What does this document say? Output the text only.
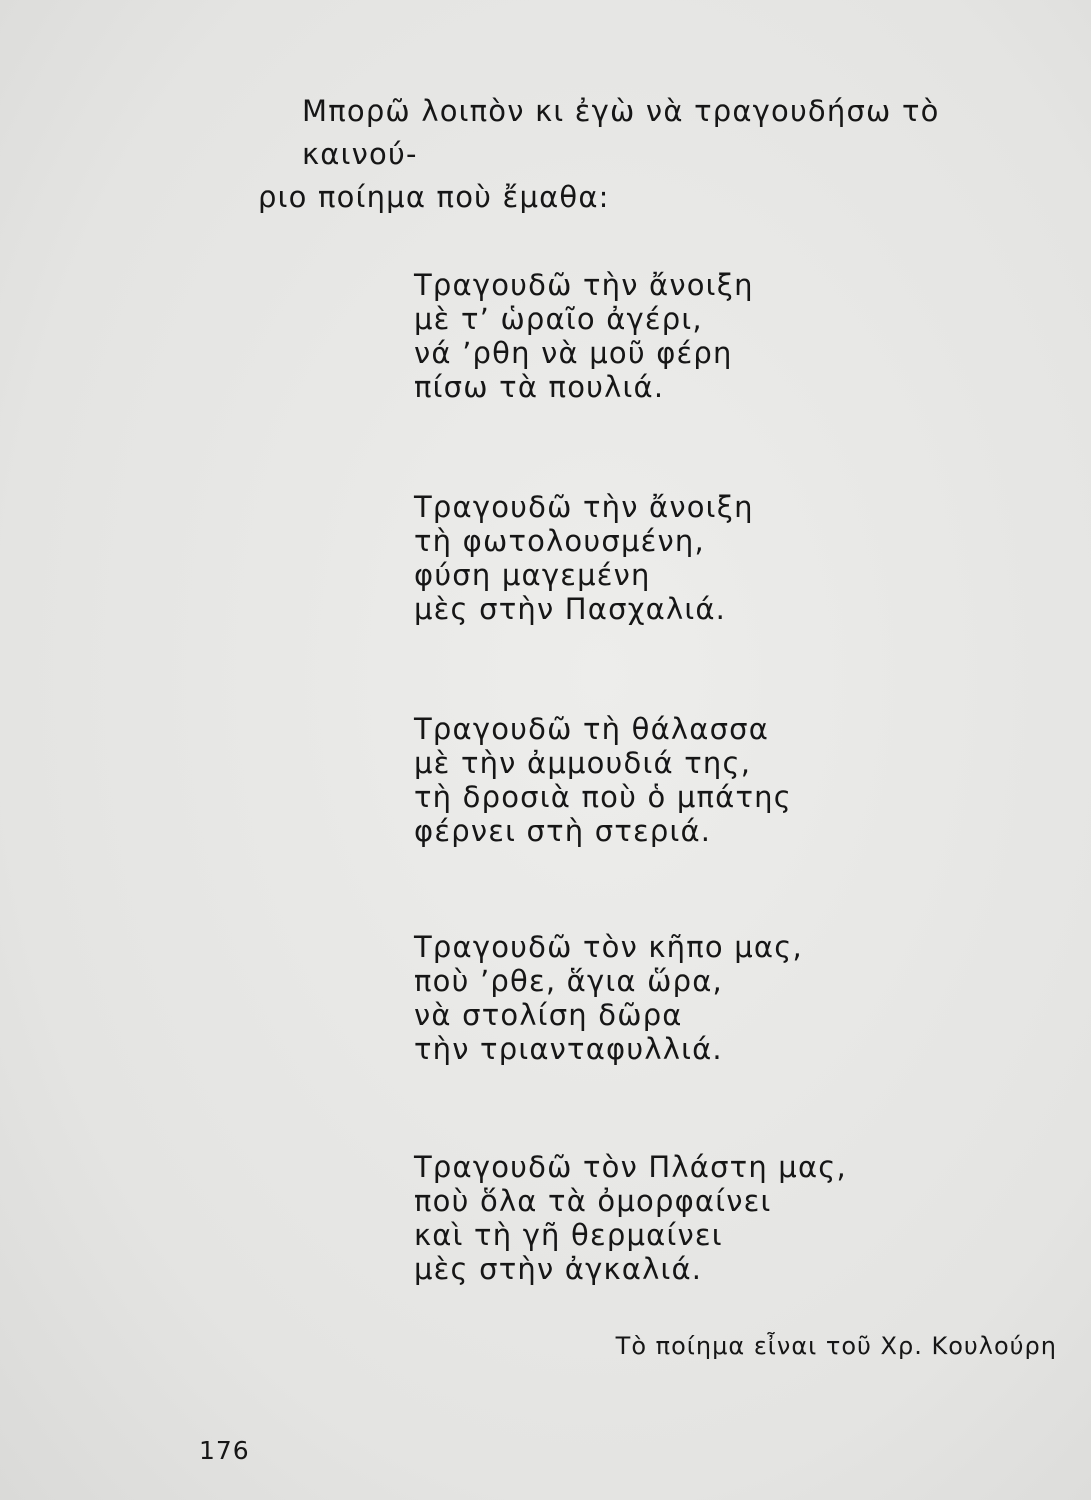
Μπορῶ λοιπὸν κι ἐγὼ νὰ τραγουδήσω τὸ καινού-
ριο ποίημα ποὺ ἔμαθα:
Τραγουδῶ τὴν ἄνοιξη
μὲ τ’ ὡραῖο ἀγέρι,
νά ’ρθη νὰ μοῦ φέρη
πίσω τὰ πουλιά.
Τραγουδῶ τὴν ἄνοιξη
τὴ φωτολουσμένη,
φύση μαγεμένη
μὲς στὴν Πασχαλιά.
Τραγουδῶ τὴ θάλασσα
μὲ τὴν ἀμμουδιά της,
τὴ δροσιὰ ποὺ ὁ μπάτης
φέρνει στὴ στεριά.
Τραγουδῶ τὸν κῆπο μας,
ποὺ ’ρθε, ἅγια ὥρα,
νὰ στολίση δῶρα
τὴν τριανταφυλλιά.
Τραγουδῶ τὸν Πλάστη μας,
ποὺ ὅλα τὰ ὀμορφαίνει
καὶ τὴ γῆ θερμαίνει
μὲς στὴν ἀγκαλιά.
Τὸ ποίημα εἶναι τοῦ Χρ. Κουλούρη
176
